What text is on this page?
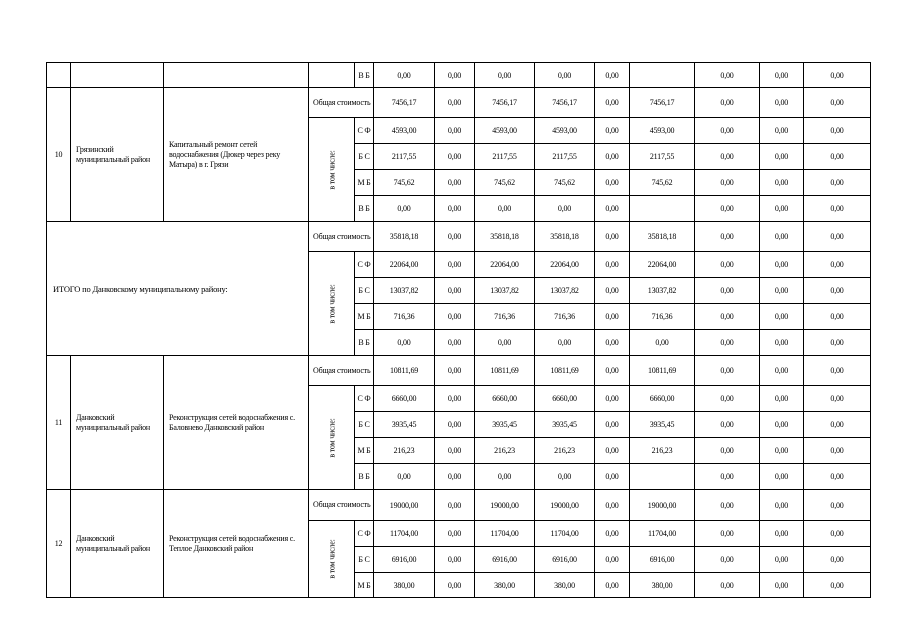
				В Б	0,00	0,00	0,00	0,00	0,00		0,00	0,00	0,00
10	Грязинский муниципальный район	Капитальный ремонт сетей водоснабжения (Дюкер через реку Матыра) в г. Грязи	Общая стоимость		7456,17	0,00	7456,17	7456,17	0,00	7456,17	0,00	0,00	0,00

			в том числе:	С Ф	4593,00	0,00	4593,00	4593,00	0,00	4593,00	0,00	0,00	0,00
				Б С	2117,55	0,00	2117,55	2117,55	0,00	2117,55	0,00	0,00	0,00
				М Б	745,62	0,00	745,62	745,62	0,00	745,62	0,00	0,00	0,00
				В Б	0,00	0,00	0,00	0,00	0,00		0,00	0,00	0,00
ИТОГО по Данковскому муниципальному району:			Общая стоимость		35818,18	0,00	35818,18	35818,18	0,00	35818,18	0,00	0,00	0,00

			в том числе:	С Ф	22064,00	0,00	22064,00	22064,00	0,00	22064,00	0,00	0,00	0,00
				Б С	13037,82	0,00	13037,82	13037,82	0,00	13037,82	0,00	0,00	0,00
				М Б	716,36	0,00	716,36	716,36	0,00	716,36	0,00	0,00	0,00
				В Б	0,00	0,00	0,00	0,00	0,00	0,00	0,00	0,00	0,00
11	Данковский муниципальный район	Реконструкция сетей водоснабжения с. Баловнево Данковский район	Общая стоимость		10811,69	0,00	10811,69	10811,69	0,00	10811,69	0,00	0,00	0,00

			в том числе:	С Ф	6660,00	0,00	6660,00	6660,00	0,00	6660,00	0,00	0,00	0,00
				Б С	3935,45	0,00	3935,45	3935,45	0,00	3935,45	0,00	0,00	0,00
				М Б	216,23	0,00	216,23	216,23	0,00	216,23	0,00	0,00	0,00
				В Б	0,00	0,00	0,00	0,00	0,00		0,00	0,00	0,00
12	Данковский муниципальный район	Реконструкция сетей водоснабжения с. Теплое Данковский район	Общая стоимость		19000,00	0,00	19000,00	19000,00	0,00	19000,00	0,00	0,00	0,00

			в том числе:	С Ф	11704,00	0,00	11704,00	11704,00	0,00	11704,00	0,00	0,00	0,00
				Б С	6916,00	0,00	6916,00	6916,00	0,00	6916,00	0,00	0,00	0,00
				М Б	380,00	0,00	380,00	380,00	0,00	380,00	0,00	0,00	0,00
